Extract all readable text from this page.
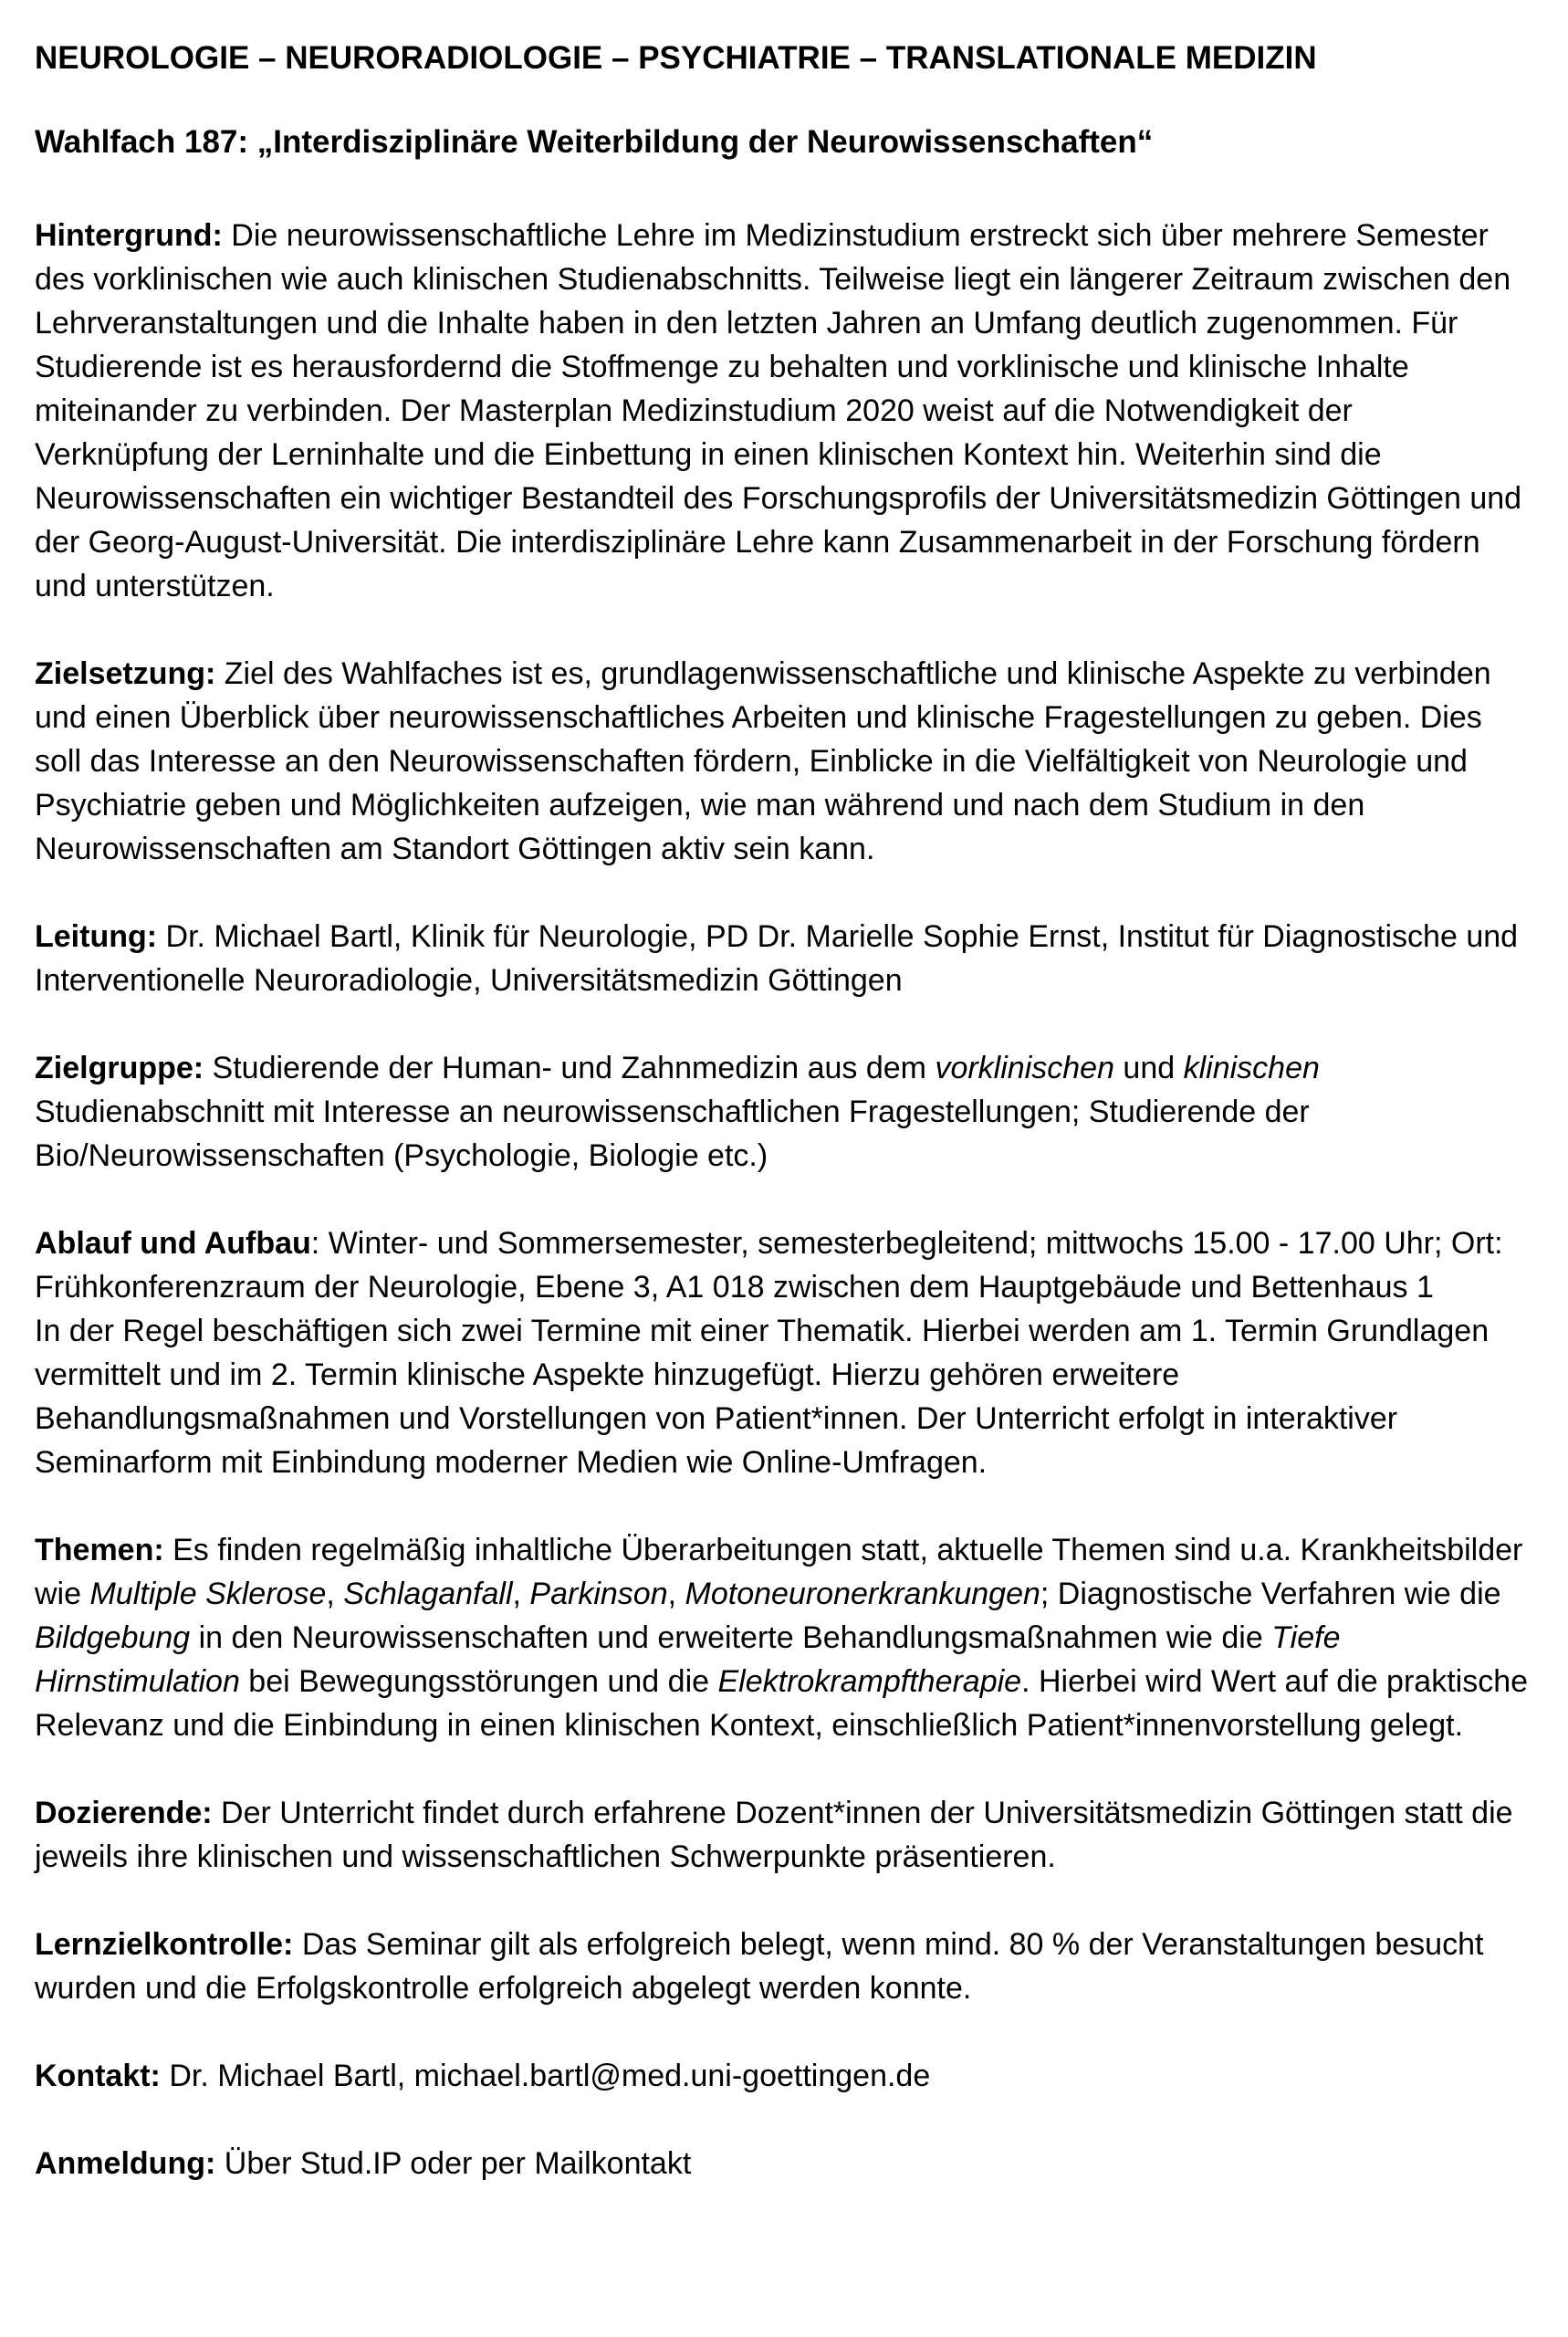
NEUROLOGIE – NEURORADIOLOGIE – PSYCHIATRIE – TRANSLATIONALE MEDIZIN
Wahlfach 187: „Interdisziplinäre Weiterbildung der Neurowissenschaften“

Hintergrund: Die neurowissenschaftliche Lehre im Medizinstudium erstreckt sich über mehrere Semester des vorklinischen wie auch klinischen Studienabschnitts. Teilweise liegt ein längerer Zeitraum zwischen den Lehrveranstaltungen und die Inhalte haben in den letzten Jahren an Umfang deutlich zugenommen. Für Studierende ist es herausfordernd die Stoffmenge zu behalten und vorklinische und klinische Inhalte miteinander zu verbinden. Der Masterplan Medizinstudium 2020 weist auf die Notwendigkeit der Verknüpfung der Lerninhalte und die Einbettung in einen klinischen Kontext hin. Weiterhin sind die Neurowissenschaften ein wichtiger Bestandteil des Forschungsprofils der Universitätsmedizin Göttingen und der Georg-August-Universität. Die interdisziplinäre Lehre kann Zusammenarbeit in der Forschung fördern und unterstützen.

Zielsetzung: Ziel des Wahlfaches ist es, grundlagenwissenschaftliche und klinische Aspekte zu verbinden und einen Überblick über neurowissenschaftliches Arbeiten und klinische Fragestellungen zu geben. Dies soll das Interesse an den Neurowissenschaften fördern, Einblicke in die Vielfältigkeit von Neurologie und Psychiatrie geben und Möglichkeiten aufzeigen, wie man während und nach dem Studium in den Neurowissenschaften am Standort Göttingen aktiv sein kann.

Leitung: Dr. Michael Bartl, Klinik für Neurologie, PD Dr. Marielle Sophie Ernst, Institut für Diagnostische und Interventionelle Neuroradiologie, Universitätsmedizin Göttingen

Zielgruppe: Studierende der Human- und Zahnmedizin aus dem vorklinischen und klinischen Studienabschnitt mit Interesse an neurowissenschaftlichen Fragestellungen; Studierende der Bio/Neurowissenschaften (Psychologie, Biologie etc.)

Ablauf und Aufbau: Winter- und Sommersemester, semesterbegleitend; mittwochs 15.00 - 17.00 Uhr; Ort: Frühkonferenzraum der Neurologie, Ebene 3, A1 018 zwischen dem Hauptgebäude und Bettenhaus 1

In der Regel beschäftigen sich zwei Termine mit einer Thematik. Hierbei werden am 1. Termin Grundlagen vermittelt und im 2. Termin klinische Aspekte hinzugefügt. Hierzu gehören erweitere Behandlungsmaßnahmen und Vorstellungen von Patient*innen. Der Unterricht erfolgt in interaktiver Seminarform mit Einbindung moderner Medien wie Online-Umfragen.

Themen: Es finden regelmäßig inhaltliche Überarbeitungen statt, aktuelle Themen sind u.a. Krankheitsbilder wie Multiple Sklerose, Schlaganfall, Parkinson, Motoneuronerkrankungen; Diagnostische Verfahren wie die Bildgebung in den Neurowissenschaften und erweiterte Behandlungsmaßnahmen wie die Tiefe Hirnstimulation bei Bewegungsstörungen und die Elektrokrampftherapie. Hierbei wird Wert auf die praktische Relevanz und die Einbindung in einen klinischen Kontext, einschließlich Patient*innenvorstellung gelegt.

Dozierende: Der Unterricht findet durch erfahrene Dozent*innen der Universitätsmedizin Göttingen statt die jeweils ihre klinischen und wissenschaftlichen Schwerpunkte präsentieren.

Lernzielkontrolle: Das Seminar gilt als erfolgreich belegt, wenn mind. 80 % der Veranstaltungen besucht wurden und die Erfolgskontrolle erfolgreich abgelegt werden konnte.

Kontakt: Dr. Michael Bartl, michael.bartl@med.uni-goettingen.de

Anmeldung: Über Stud.IP oder per Mailkontakt
